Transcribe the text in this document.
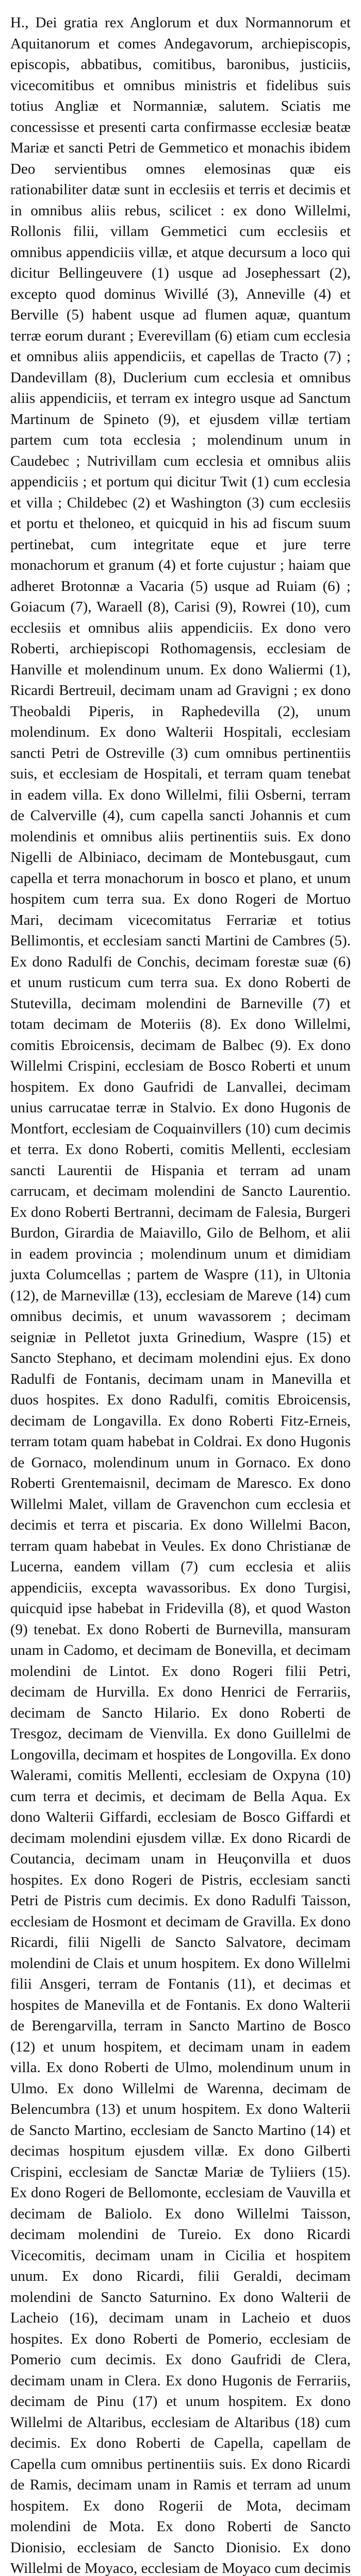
H., Dei gratia rex Anglorum et dux Normannorum et Aquitanorum et comes Andegavorum, archiepiscopis, episcopis, abbatibus, comitibus, baronibus, justiciis, vicecomitibus et omnibus ministris et fidelibus suis totius Angliæ et Normanniæ, salutem. Sciatis me concessisse et presenti carta confirmasse ecclesiæ beatæ Mariæ et sancti Petri de Gemmetico et monachis ibidem Deo servientibus omnes elemosinas quæ eis rationabiliter datæ sunt in ecclesiis et terris et decimis et in omnibus aliis rebus, scilicet : ex dono Willelmi, Rollonis filii, villam Gemmetici cum ecclesiis et omnibus appendiciis villæ, et atque decursum a loco qui dicitur Bellingeuvere (1) usque ad Josephessart (2), excepto quod dominus Wivillé (3), Anneville (4) et Berville (5) habent usque ad flumen aquæ, quantum terræ eorum durant ; Everevillam (6) etiam cum ecclesia et omnibus aliis appendiciis, et capellas de Tracto (7) ; Dandevillam (8), Duclerium cum ecclesia et omnibus aliis appendiciis, et terram ex integro usque ad Sanctum Martinum de Spineto (9), et ejusdem villæ tertiam partem cum tota ecclesia ; molendinum unum in Caudebec ; Nutrivillam cum ecclesia et omnibus aliis appendiciis ; et portum qui dicitur Twit (1) cum ecclesia et villa ; Childebec (2) et Washington (3) cum ecclesiis et portu et theloneo, et quicquid in his ad fiscum suum pertinebat, cum integritate eque et jure terre monachorum et granum (4) et forte cujustur ; haiam que adheret Brotonnæ a Vacaria (5) usque ad Ruiam (6) ; Goiacum (7), Waraell (8), Carisi (9), Rowrei (10), cum ecclesiis et omnibus aliis appendiciis. Ex dono vero Roberti, archiepiscopi Rothomagensis, ecclesiam de Hanville et molendinum unum. Ex dono Waliermi (1), Ricardi Bertreuil, decimam unam ad Gravigni ; ex dono Theobaldi Piperis, in Raphedevilla (2), unum molendinum. Ex dono Walterii Hospitali, ecclesiam sancti Petri de Ostreville (3) cum omnibus pertinentiis suis, et ecclesiam de Hospitali, et terram quam tenebat in eadem villa. Ex dono Willelmi, filii Osberni, terram de Calverville (4), cum capella sancti Johannis et cum molendinis et omnibus aliis pertinentiis suis. Ex dono Nigelli de Albiniaco, decimam de Montebusgaut, cum capella et terra monachorum in bosco et plano, et unum hospitem cum terra sua. Ex dono Rogeri de Mortuo Mari, decimam vicecomitatus Ferrariæ et totius Bellimontis, et ecclesiam sancti Martini de Cambres (5). Ex dono Radulfi de Conchis, decimam forestæ suæ (6) et unum rusticum cum terra sua. Ex dono Roberti de Stutevilla, decimam molendini de Barneville (7) et totam decimam de Moteriis (8). Ex dono Willelmi, comitis Ebroicensis, decimam de Balbec (9). Ex dono Willelmi Crispini, ecclesiam de Bosco Roberti et unum hospitem. Ex dono Gaufridi de Lanvallei, decimam unius carrucatae terræ in Stalvio. Ex dono Hugonis de Montfort, ecclesiam de Coquainvillers (10) cum decimis et terra. Ex dono Roberti, comitis Mellenti, ecclesiam sancti Laurentii de Hispania et terram ad unam carrucam, et decimam molendini de Sancto Laurentio. Ex dono Roberti Bertranni, decimam de Falesia, Burgeri Burdon, Girardia de Maiavillo, Gilo de Belhom, et alii in eadem provincia ; molendinum unum et dimidiam juxta Columcellas ; partem de Waspre (11), in Ultonia (12), de Marnevillæ (13), ecclesiam de Mareve (14) cum omnibus decimis, et unum wavassorem ; decimam seigniæ in Pelletot juxta Grinedium, Waspre (15) et Sancto Stephano, et decimam molendini ejus. Ex dono Radulfi de Fontanis, decimam unam in Manevilla et duos hospites. Ex dono Radulfi, comitis Ebroicensis, decimam de Longavilla. Ex dono Roberti Fitz-Erneis, terram totam quam habebat in Coldrai. Ex dono Hugonis de Gornaco, molendinum unum in Gornaco. Ex dono Roberti Grentemaisnil, decimam de Maresco. Ex dono Willelmi Malet, villam de Gravenchon cum ecclesia et decimis et terra et piscaria. Ex dono Willelmi Bacon, terram quam habebat in Veules. Ex dono Christianæ de Lucerna, eandem villam (7) cum ecclesia et aliis appendiciis, excepta wavassoribus. Ex dono Turgisi, quicquid ipse habebat in Fridevilla (8), et quod Waston (9) tenebat. Ex dono Roberti de Burnevilla, mansuram unam in Cadomo, et decimam de Bonevilla, et decimam molendini de Lintot. Ex dono Rogeri filii Petri, decimam de Hurvilla. Ex dono Henrici de Ferrariis, decimam de Sancto Hilario. Ex dono Roberti de Tresgoz, decimam de Vienvilla. Ex dono Guillelmi de Longovilla, decimam et hospites de Longovilla. Ex dono Walerami, comitis Mellenti, ecclesiam de Oxpyna (10) cum terra et decimis, et decimam de Bella Aqua. Ex dono Walterii Giffardi, ecclesiam de Bosco Giffardi et decimam molendini ejusdem villæ. Ex dono Ricardi de Coutancia, decimam unam in Heuçonvilla et duos hospites. Ex dono Rogeri de Pistris, ecclesiam sancti Petri de Pistris cum decimis. Ex dono Radulfi Taisson, ecclesiam de Hosmont et decimam de Gravilla. Ex dono Ricardi, filii Nigelli de Sancto Salvatore, decimam molendini de Clais et unum hospitem. Ex dono Willelmi filii Ansgeri, terram de Fontanis (11), et decimas et hospites de Manevilla et de Fontanis. Ex dono Walterii de Berengarvilla, terram in Sancto Martino de Bosco (12) et unum hospitem, et decimam unam in eadem villa. Ex dono Roberti de Ulmo, molendinum unum in Ulmo. Ex dono Willelmi de Warenna, decimam de Belencumbra (13) et unum hospitem. Ex dono Walterii de Sancto Martino, ecclesiam de Sancto Martino (14) et decimas hospitum ejusdem villæ. Ex dono Gilberti Crispini, ecclesiam de Sanctæ Mariæ de Tyliiers (15). Ex dono Rogeri de Bellomonte, ecclesiam de Vauvilla et decimam de Baliolo. Ex dono Willelmi Taisson, decimam molendini de Tureio. Ex dono Ricardi Vicecomitis, decimam unam in Cicilia et hospitem unum. Ex dono Ricardi, filii Geraldi, decimam molendini de Sancto Saturnino. Ex dono Walterii de Lacheio (16), decimam unam in Lacheio et duos hospites. Ex dono Roberti de Pomerio, ecclesiam de Pomerio cum decimis. Ex dono Gaufridi de Clera, decimam unam in Clera. Ex dono Hugonis de Ferrariis, decimam de Pinu (17) et unum hospitem. Ex dono Willelmi de Altaribus, ecclesiam de Altaribus (18) cum decimis. Ex dono Roberti de Capella, capellam de Capella cum omnibus pertinentiis suis. Ex dono Ricardi de Ramis, decimam unam in Ramis et terram ad unum hospitem. Ex dono Rogerii de Mota, decimam molendini de Mota. Ex dono Roberti de Sancto Dionisio, ecclesiam de Sancto Dionisio. Ex dono Willelmi de Moyaco, ecclesiam de Moyaco cum decimis
